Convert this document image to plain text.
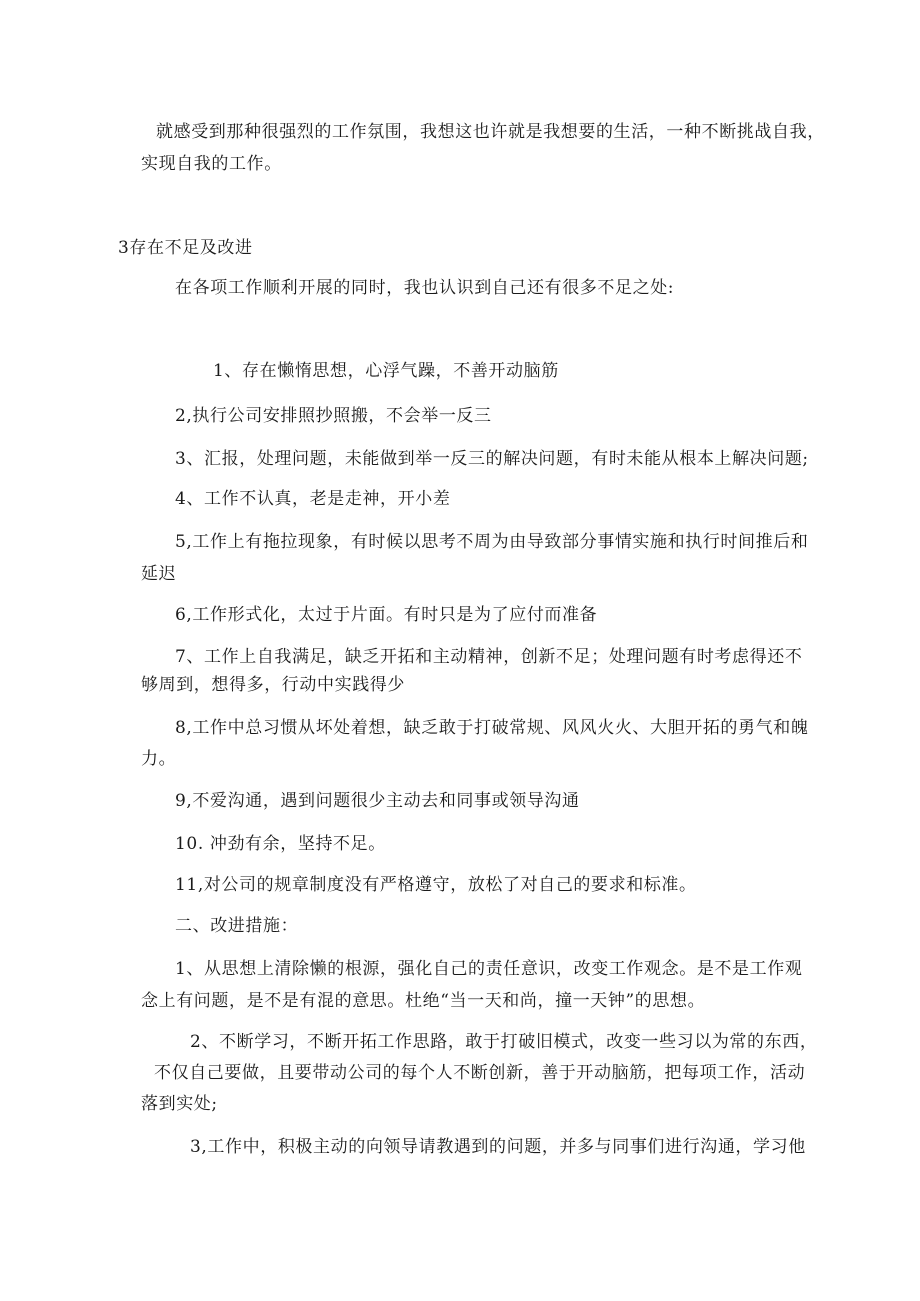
就感受到那种很强烈的工作氛围，我想这也许就是我想要的生活，一种不断挑战自我，
实现自我的工作。
3存在不足及改进
在各项工作顺利开展的同时，我也认识到自己还有很多不足之处:
1、存在懒惰思想，心浮气躁，不善开动脑筋
2,执行公司安排照抄照搬，不会举一反三
3、汇报，处理问题，未能做到举一反三的解决问题，有时未能从根本上解决问题;
4、工作不认真，老是走神，开小差
5,工作上有拖拉现象，有时候以思考不周为由导致部分事情实施和执行时间推后和
延迟
6,工作形式化，太过于片面。有时只是为了应付而准备
7、工作上自我满足，缺乏开拓和主动精神，创新不足；处理问题有时考虑得还不
够周到，想得多，行动中实践得少
8,工作中总习惯从坏处着想，缺乏敢于打破常规、风风火火、大胆开拓的勇气和魄
力。
9,不爱沟通，遇到问题很少主动去和同事或领导沟通
10. 冲劲有余，坚持不足。
11,对公司的规章制度没有严格遵守，放松了对自己的要求和标准。
二、改进措施：
1、从思想上清除懒的根源，强化自己的责任意识，改变工作观念。是不是工作观
念上有问题，是不是有混的意思。杜绝“当一天和尚，撞一天钟”的思想。
2、不断学习，不断开拓工作思路，敢于打破旧模式，改变一些习以为常的东西，
不仅自己要做，且要带动公司的每个人不断创新，善于开动脑筋，把每项工作，活动
落到实处;
3,工作中，积极主动的向领导请教遇到的问题，并多与同事们进行沟通，学习他
